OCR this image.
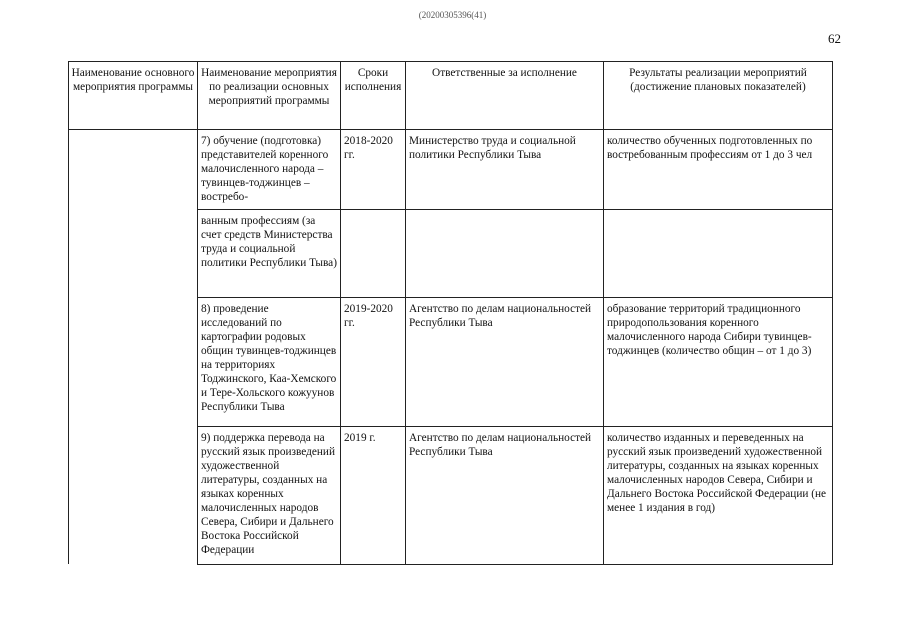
(20200305396(41)
62
Наименование основного мероприятия программы	Наименование мероприятия по реализации основных мероприятий программы	Сроки исполнения	Ответственные за исполнение	Результаты реализации мероприятий (достижение плановых показателей)
	7) обучение (подготовка) представителей коренного малочисленного народа – тувинцев-тоджинцев – востребо-	2018-2020 гг.	Министерство труда и социальной политики Республики Тыва	количество обученных подготовленных по востребованным профессиям от 1 до 3 чел
	ванным профессиям (за счет средств Министерства труда и социальной политики Республики Тыва)			
	8) проведение исследований по картографии родовых общин тувинцев-тоджинцев на территориях Тоджинского, Каа-Хемского и Тере-Хольского кожуунов Республики Тыва	2019-2020 гг.	Агентство по делам национальностей Республики Тыва	образование территорий традиционного природопользования коренного малочисленного народа Сибири тувинцев-тоджинцев (количество общин – от 1 до 3)
	9) поддержка перевода на русский язык произведений художественной литературы, созданных на языках коренных малочисленных народов Севера, Сибири и Дальнего Востока Российской Федерации	2019 г.	Агентство по делам национальностей Республики Тыва	количество изданных и переведенных на русский язык произведений художественной литературы, созданных на языках коренных малочисленных народов Севера, Сибири и Дальнего Востока Российской Федерации (не менее 1 издания в год)
